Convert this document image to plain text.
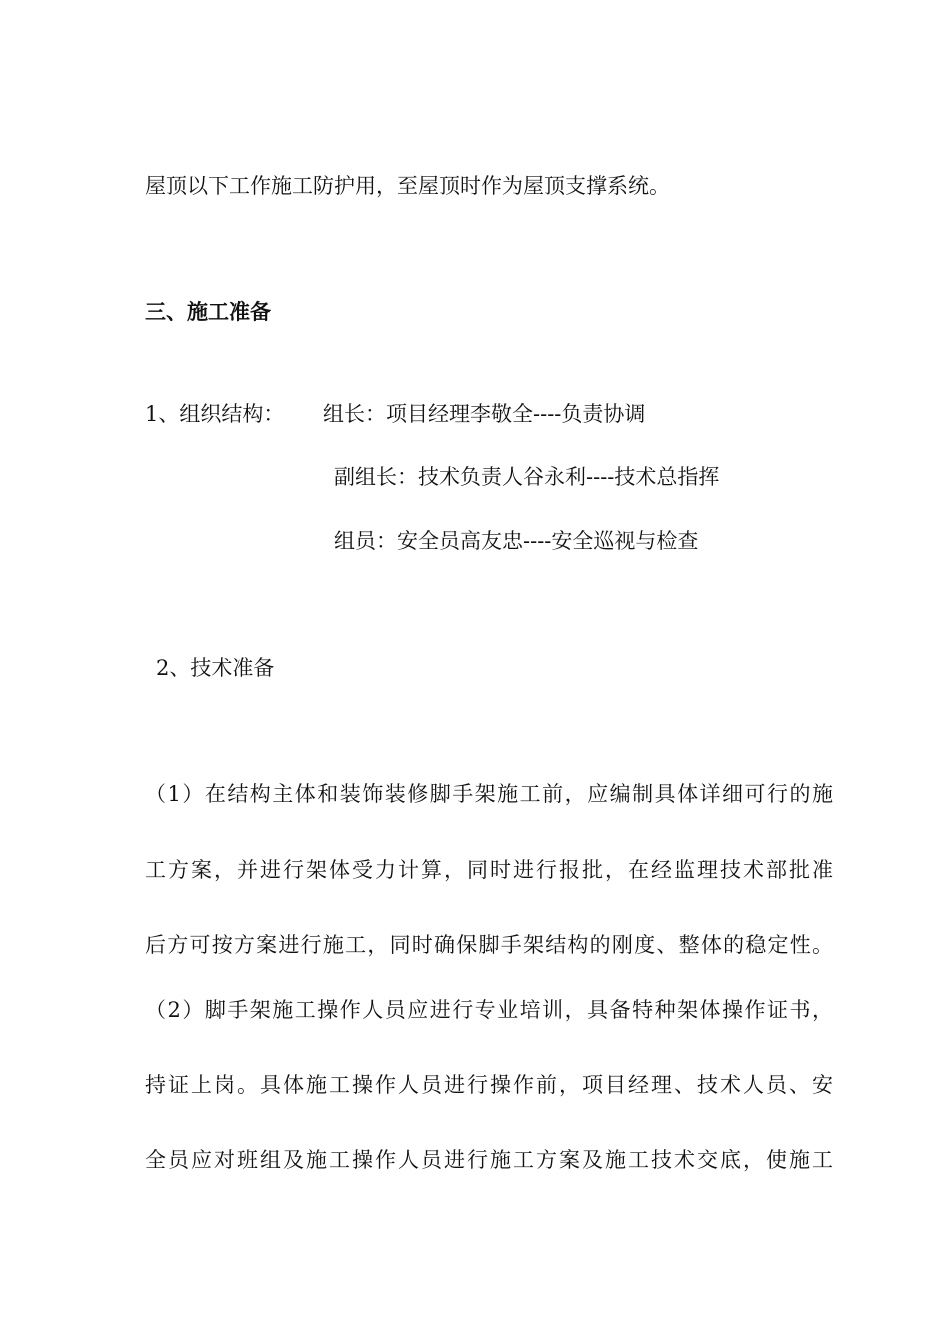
屋顶以下工作施工防护用，至屋顶时作为屋顶支撑系统。
三、施工准备
1、组织结构： 组长：项目经理李敬全----负责协调
副组长：技术负责人谷永利----技术总指挥
组员：安全员高友忠----安全巡视与检查
2、技术准备
（1）在结构主体和装饰装修脚手架施工前，应编制具体详细可行的施
工方案，并进行架体受力计算，同时进行报批，在经监理技术部批准
后方可按方案进行施工，同时确保脚手架结构的刚度、整体的稳定性。
（2）脚手架施工操作人员应进行专业培训，具备特种架体操作证书，
持证上岗。具体施工操作人员进行操作前，项目经理、技术人员、安
全员应对班组及施工操作人员进行施工方案及施工技术交底，使施工
